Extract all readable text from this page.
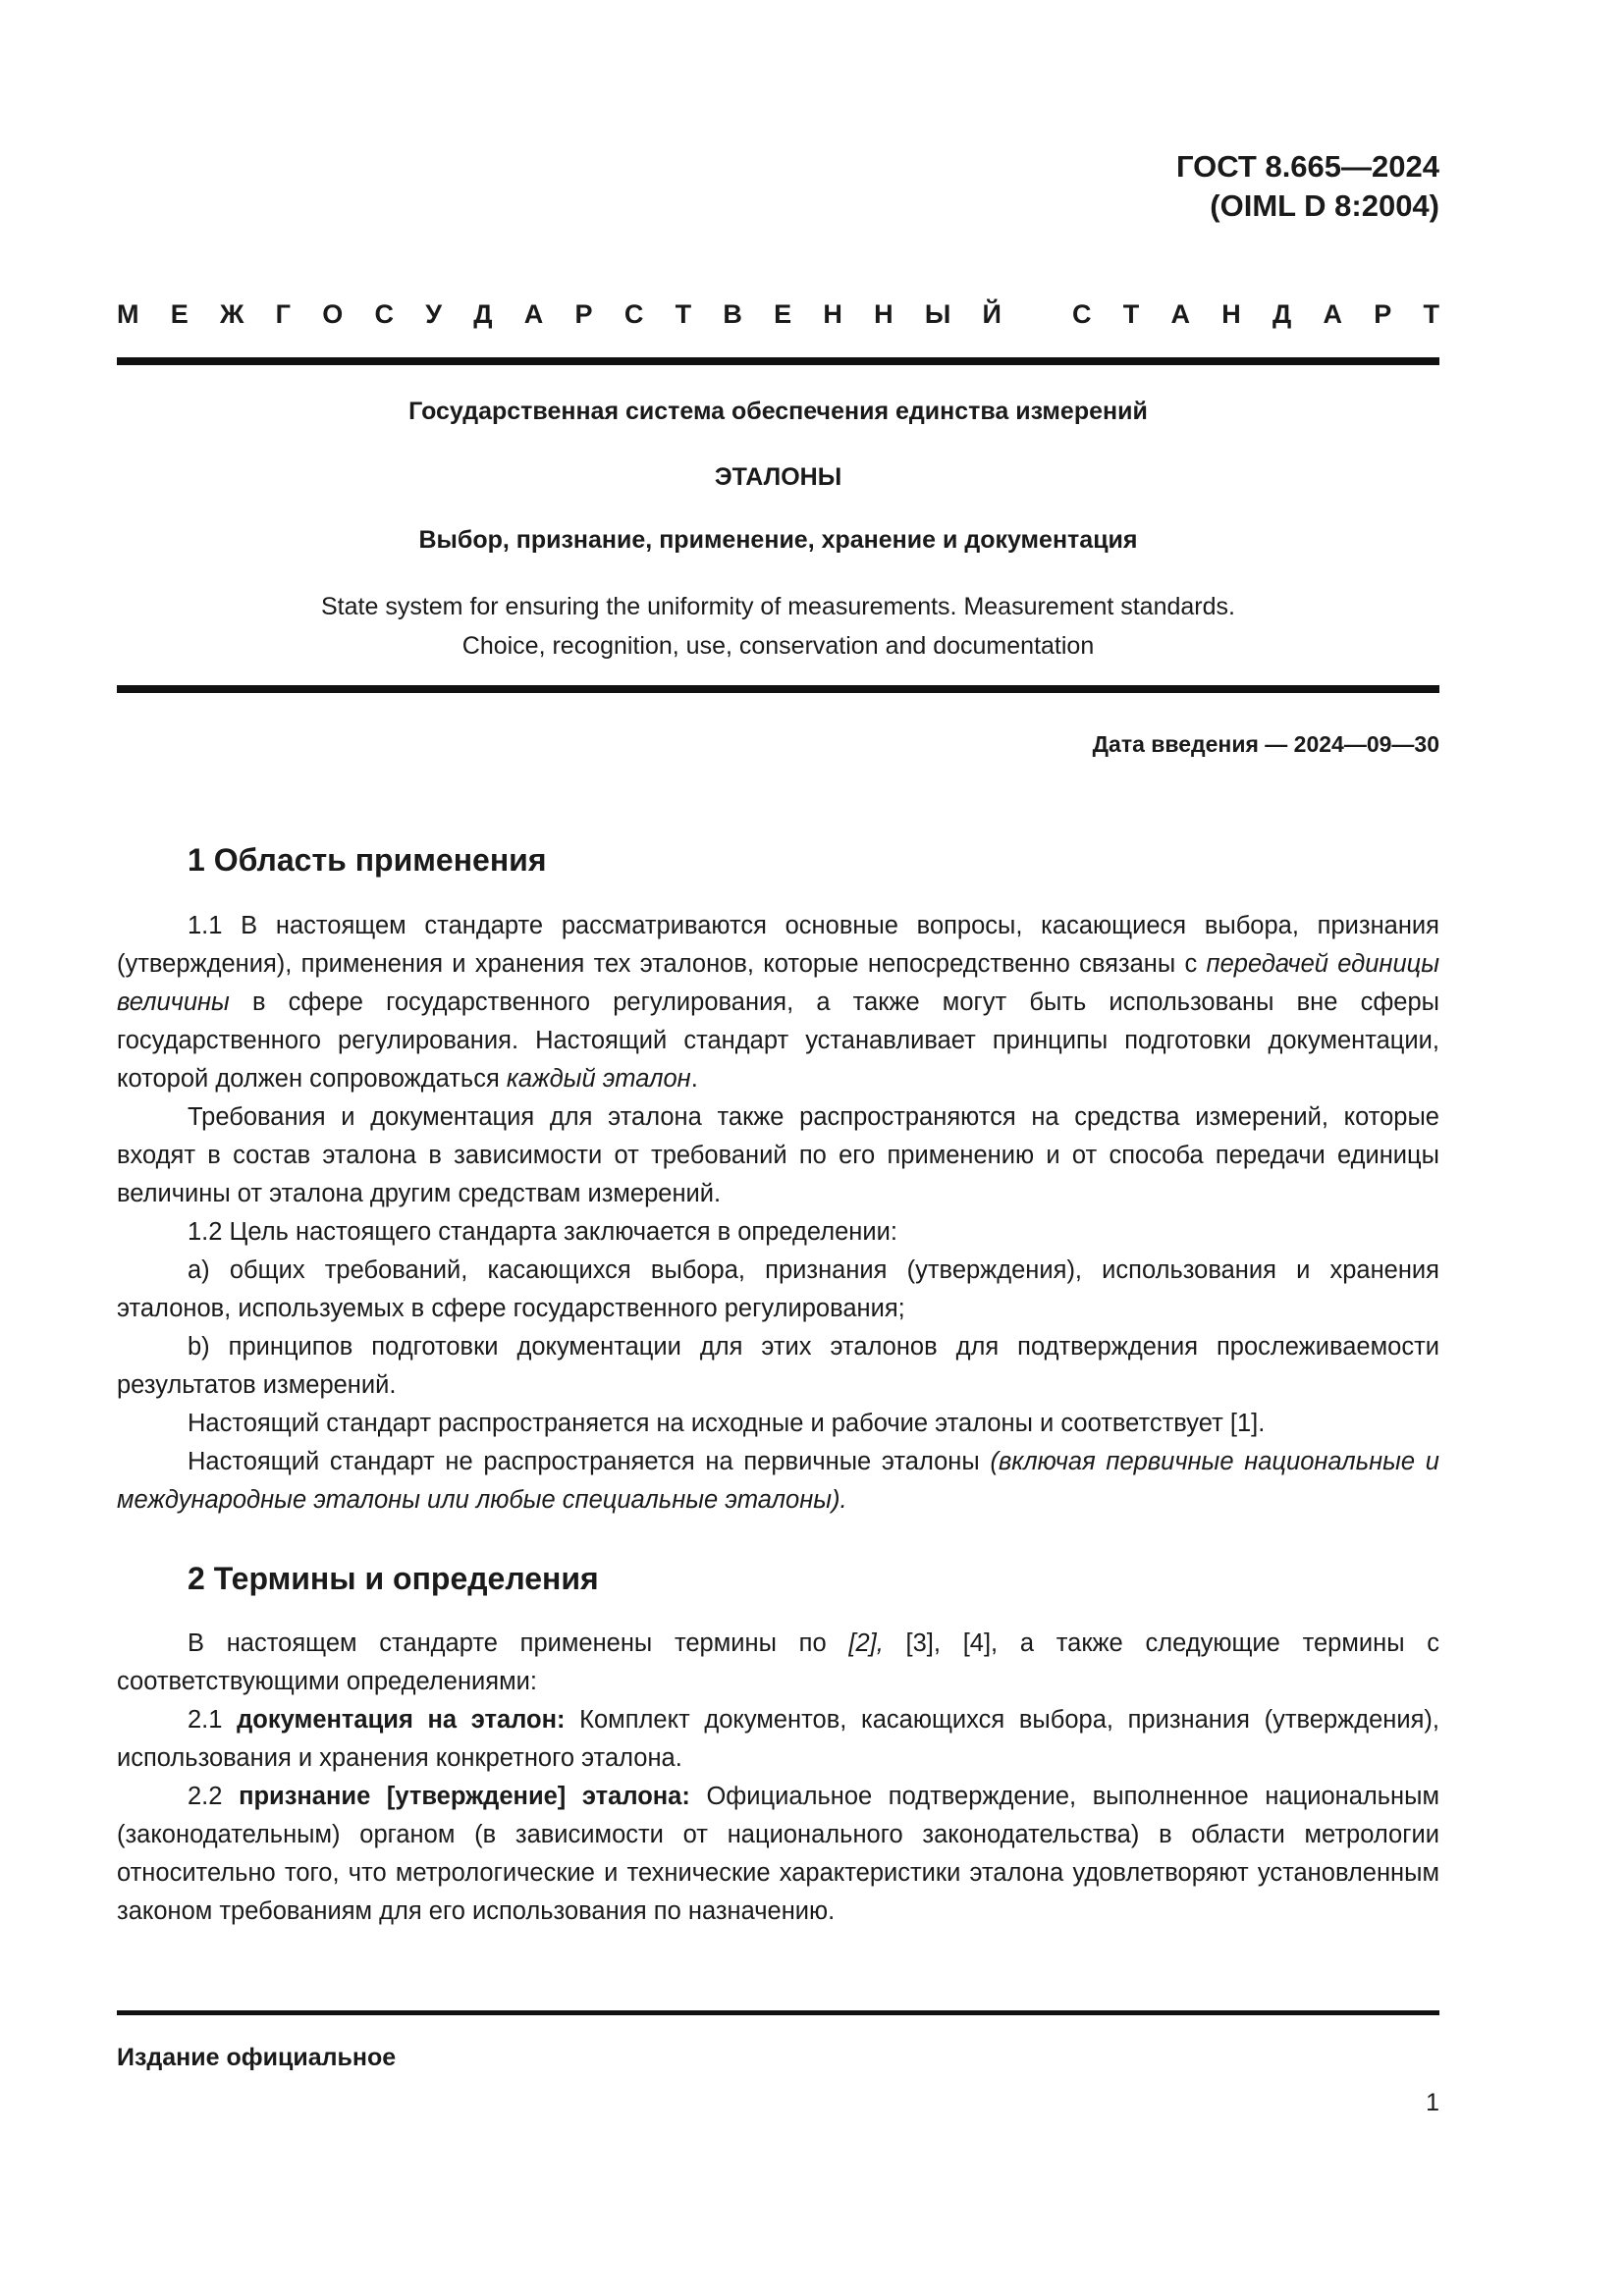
ГОСТ 8.665—2024
(OIML D 8:2004)
М Е Ж Г О С У Д А Р С Т В Е Н Н Ы Й
	С Т А Н Д А Р Т
Государственная система обеспечения единства измерений
ЭТАЛОНЫ
Выбор, признание, применение, хранение и документация
State system for ensuring the uniformity of measurements. Measurement standards.
Choice, recognition, use, conservation and documentation
Дата введения — 2024—09—30
1 Область применения

1.1 В настоящем стандарте рассматриваются основные вопросы, касающиеся выбора, признания (утверждения), применения и хранения тех эталонов, которые непосредственно связаны с передачей единицы величины в сфере государственного регулирования, а также могут быть использованы вне сферы государственного регулирования. Настоящий стандарт устанавливает принципы подготовки документации, которой должен сопровождаться каждый эталон.

Требования и документация для эталона также распространяются на средства измерений, которые входят в состав эталона в зависимости от требований по его применению и от способа передачи единицы величины от эталона другим средствам измерений.

1.2 Цель настоящего стандарта заключается в определении:

a) общих требований, касающихся выбора, признания (утверждения), использования и хранения эталонов, используемых в сфере государственного регулирования;

b) принципов подготовки документации для этих эталонов для подтверждения прослеживаемости результатов измерений.

Настоящий стандарт распространяется на исходные и рабочие эталоны и соответствует [1].

Настоящий стандарт не распространяется на первичные эталоны (включая первичные национальные и международные эталоны или любые специальные эталоны).

2 Термины и определения

В настоящем стандарте применены термины по [2], [3], [4], а также следующие термины с соответствующими определениями:

2.1 документация на эталон: Комплект документов, касающихся выбора, признания (утверждения), использования и хранения конкретного эталона.

2.2 признание [утверждение] эталона: Официальное подтверждение, выполненное национальным (законодательным) органом (в зависимости от национального законодательства) в области метрологии относительно того, что метрологические и технические характеристики эталона удовлетворяют установленным законом требованиям для его использования по назначению.

Издание официальное
1
